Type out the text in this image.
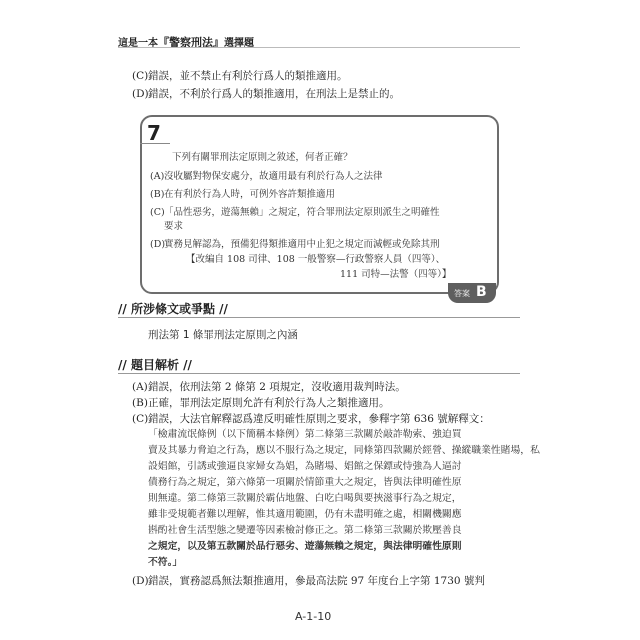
這是一本『警察刑法』選擇題
(C)錯誤，並不禁止有利於行爲人的類推適用。
(D)錯誤，不利於行爲人的類推適用，在刑法上是禁止的。
7
下列有關罪刑法定原則之敘述，何者正確？
(A)沒收屬對物保安處分，故適用最有利於行為人之法律
(B)在有利於行為人時，可例外容許類推適用
(C)「品性惡劣，遊蕩無賴」之規定，符合罪刑法定原則派生之明確性
要求
(D)實務見解認為，預備犯得類推適用中止犯之規定而減輕或免除其刑
【改編自 108 司律、108 一般警察—行政警察人員（四等）、
111 司特—法警（四等）】
答案 B
// 所涉條文或爭點 //
刑法第 1 條罪刑法定原則之內涵
// 題目解析 //
(A)錯誤，依刑法第 2 條第 2 項規定，沒收適用裁判時法。
(B)正確，罪刑法定原則允許有利於行為人之類推適用。
(C)錯誤，大法官解釋認爲違反明確性原則之要求，參釋字第 636 號解釋文：
「檢肅流氓條例（以下簡稱本條例）第二條第三款關於敲詐勒索、強迫買
賣及其暴力脅迫之行為，應以不服行為之規定，同條第四款關於經營、操縱職業性賭場，私
設娼館，引誘或強逼良家婦女為娼，為賭場、娼館之保鏢或恃強為人逼討
債務行為之規定，第六條第一項關於情節重大之規定，皆與法律明確性原
則無違。第二條第三款關於霸佔地盤、白吃白喝與要挾滋事行為之規定，
雖非受規範者難以理解，惟其適用範圍，仍有未盡明確之處，相關機關應
斟酌社會生活型態之變遷等因素檢討修正之。第二條第三款關於欺壓善良
之規定，以及第五款關於品行惡劣、遊蕩無賴之規定，與法律明確性原則
不符。」
(D)錯誤，實務認爲無法類推適用，參最高法院 97 年度台上字第 1730 號判
A-1-10
